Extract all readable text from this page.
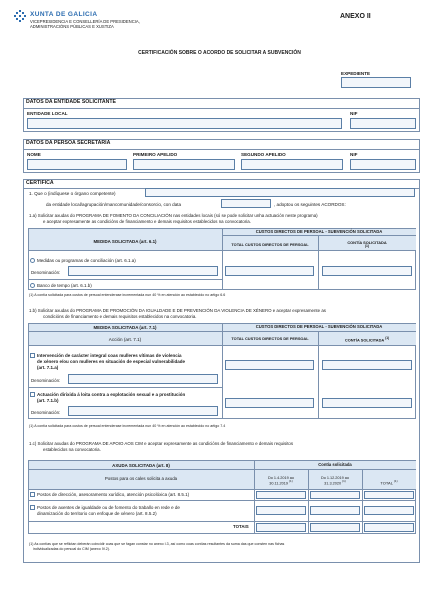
XUNTA DE GALICIA
VICEPRESIDENCIA E CONSELLERÍA DE PRESIDENCIA,
ADMINISTRACIÓNS PÚBLICAS E XUSTIZA
ANEXO II
CERTIFICACIÓN SOBRE O ACORDO DE SOLICITAR A SUBVENCIÓN
EXPEDIENTE
DATOS DA ENTIDADE SOLICITANTE
ENTIDADE LOCAL	NIF
DATOS DA PERSOA SECRETARIA
NOME	PRIMEIRO APELIDO	SEGUNDO APELIDO	NIF
CERTIFICA
1. Que o (indíquese o órgano competente)
da entidade local/agrupación/mancomunidade/consorcio, con data	, adoptou os seguintes ACORDOS:
1.a) Solicitar axudas do PROGRAMA DE FOMENTO DA CONCILIACIÓN nas entidades locais (só se pode solicitar unha actuación neste programa)
e aceptar expresamente as condicións de financiamento e demais requisitos establecidos na convocatoria.
CUSTOS DIRECTOS DE PERSOAL - SUBVENCIÓN SOLICITADA
MEDIDA SOLICITADA (art. 6.1)
TOTAL CUSTOS DIRECTOS DE PERSOAL	CONTÍA SOLICITADA
(1)
Medidas ou programas de conciliación (art. 6.1.a)
Denominación:
Banco de tempo (art. 6.1.b)
(1) A contía solicitada para custos de persoal entenderase incrementada nun 40 % en atención ao establecido no artigo 6.6
1.b) Solicitar axudas do PROGRAMA DE PROMOCIÓN DA IGUALDADE E DE PREVENCIÓN DA VIOLENCIA DE XÉNERO e aceptar expresamente as
condicións de financiamento e demais requisitos establecidos na convocatoria.
MEDIDA SOLICITADA (art. 7.1)	CUSTOS DIRECTOS DE PERSOAL - SUBVENCIÓN SOLICITADA
Acción (art. 7.1)	TOTAL CUSTOS DIRECTOS DE PERSOAL	CONTÍA SOLICITADA $^{(1)}$
Intervención de carácter integral coas mulleres vítimas de violencia
de xénero e/ou con mulleres en situación de especial vulnerabilidade
(art. 7.1.a)
Denominación:
Actuación dirixida á loita contra a explotación sexual e a prostitución
(art. 7.1.b)
Denominación:
(1) A contía solicitada para custos de persoal entenderase incrementada nun 40 % en atención ao establecido no artigo 7.4
1.c) Solicitar axudas do PROGRAMA DE APOIO AOS CIM e aceptar expresamente as condicións de financiamento e demais requisitos
establecidos na convocatoria.
AXUDA SOLICITADA (art. 8)	Contía solicitada
Postos para os cales solicita a axuda	Do 1.4.2019 ao
30.11.2019 $^{(1)}$
Do 1.12.2019 ao
31.3.2020 $^{(1)}$	TOTAL $^{(1)}$
Postos de dirección, asesoramento xurídico, atención psicolóxica (art. 8.5.1)
Postos de axentes de igualdade ou de fomento do traballo en rede e de
dinamización do territorio con enfoque de xénero (art. 8.5.2)
TOTAIS
(1) As contías que se reflictan deberán coincidir coas que se fagan constar no anexo I.3, así como coas contías resultantes da suma das que consten nas fichas
individualizadas do persoal do CIM (anexo IV.2).
